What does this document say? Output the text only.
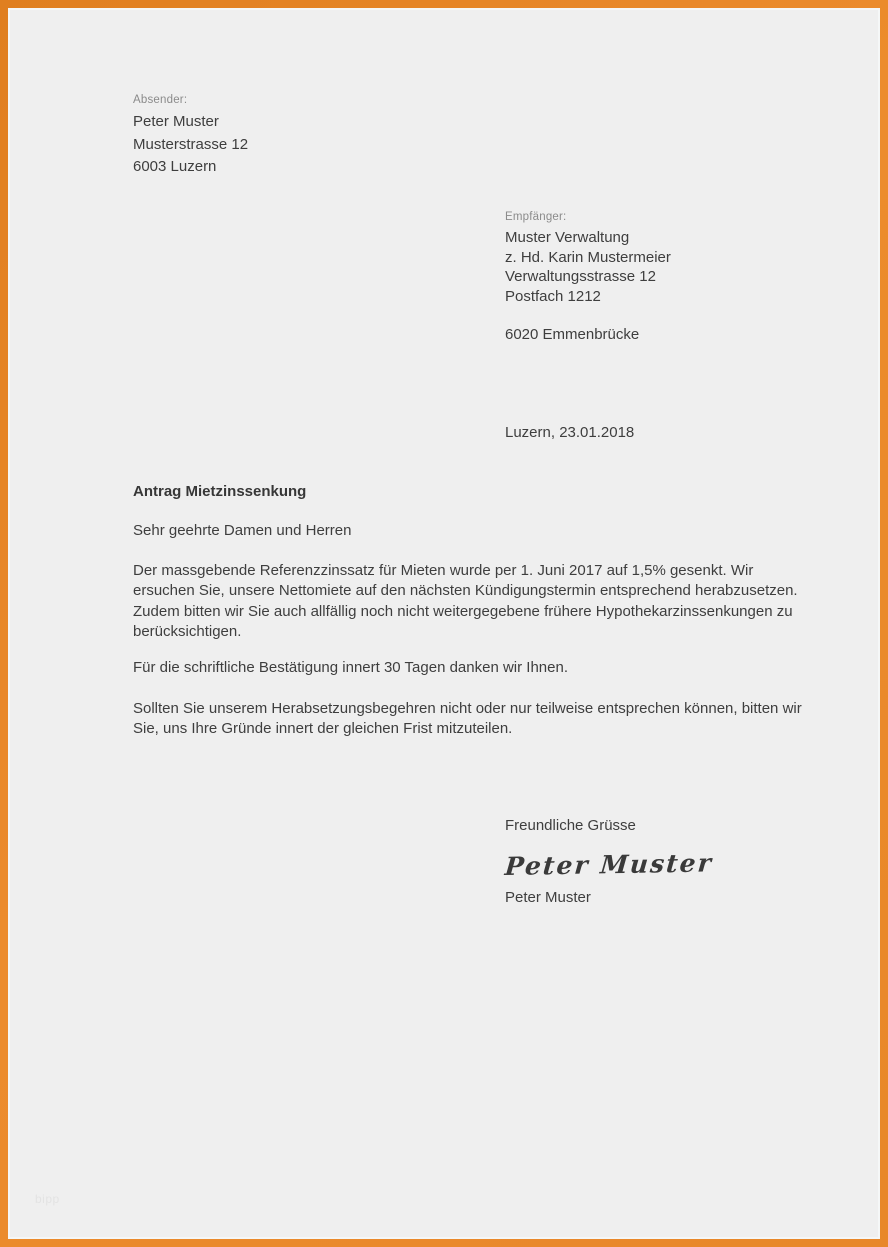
Absender:
Peter Muster
Musterstrasse 12
6003 Luzern
Empfänger:
Muster Verwaltung
z. Hd. Karin Mustermeier
Verwaltungsstrasse 12
Postfach 1212
6020 Emmenbrücke
Luzern, 23.01.2018
Antrag Mietzinssenkung
Sehr geehrte Damen und Herren

Der massgebende Referenzzinssatz für Mieten wurde per 1. Juni 2017 auf 1,5% gesenkt. Wir ersuchen Sie, unsere Nettomiete auf den nächsten Kündigungstermin entsprechend herabzusetzen. Zudem bitten wir Sie auch allfällig noch nicht weitergegebene frühere Hypothekarzinssenkungen zu berücksichtigen.

Für die schriftliche Bestätigung innert 30 Tagen danken wir Ihnen.

Sollten Sie unserem Herabsetzungsbegehren nicht oder nur teilweise entsprechen können, bitten wir Sie, uns Ihre Gründe innert der gleichen Frist mitzuteilen.

Freundliche Grüsse
Peter Muster
Peter Muster
bipp
